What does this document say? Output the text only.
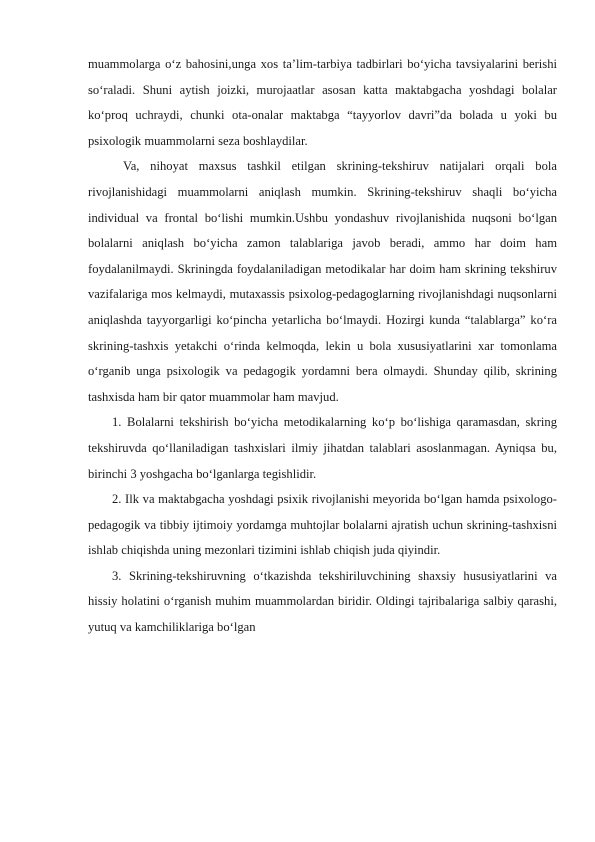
muammolarga o‘z bahosini,unga xos ta’lim-tarbiya tadbirlari bo‘yicha tavsiyalarini berishi so‘raladi. Shuni aytish joizki, murojaatlar asosan katta maktabgacha yoshdagi bolalar ko‘proq uchraydi, chunki ota-onalar maktabga “tayyorlov davri”da bolada u yoki bu psixologik muammolarni seza boshlaydilar.

Va, nihoyat maxsus tashkil etilgan skrining-tekshiruv natijalari orqali bola rivojlanishidagi muammolarni aniqlash mumkin. Skrining-tekshiruv shaqli bo‘yicha individual va frontal bo‘lishi mumkin.Ushbu yondashuv rivojlanishida nuqsoni bo‘lgan bolalarni aniqlash bo‘yicha zamon talablariga javob beradi, ammo har doim ham foydalanilmaydi. Skriningda foydalaniladigan metodikalar har doim ham skrining tekshiruv vazifalariga mos kelmaydi, mutaxassis psixolog-pedagoglarning rivojlanishdagi nuqsonlarni aniqlashda tayyorgarligi ko‘pincha yetarlicha bo‘lmaydi. Hozirgi kunda “talablarga” ko‘ra skrining-tashxis yetakchi o‘rinda kelmoqda, lekin u bola xususiyatlarini xar tomonlama o‘rganib unga psixologik va pedagogik yordamni bera olmaydi. Shunday qilib, skrining tashxisda ham bir qator muammolar ham mavjud.

1. Bolalarni tekshirish bo‘yicha metodikalarning ko‘p bo‘lishiga qaramasdan, skring tekshiruvda qo‘llaniladigan tashxislari ilmiy jihatdan talablari asoslanmagan. Ayniqsa bu, birinchi 3 yoshgacha bo‘lganlarga tegishlidir.

2. Ilk va maktabgacha yoshdagi psixik rivojlanishi meyorida bo‘lgan hamda psixologo-pedagogik va tibbiy ijtimoiy yordamga muhtojlar bolalarni ajratish uchun skrining-tashxisni ishlab chiqishda uning mezonlari tizimini ishlab chiqish juda qiyindir.

3. Skrining-tekshiruvning o‘tkazishda tekshiriluvchining shaxsiy hususiyatlarini va hissiy holatini o‘rganish muhim muammolardan biridir. Oldingi tajribalariga salbiy qarashi, yutuq va kamchiliklariga bo‘lgan
